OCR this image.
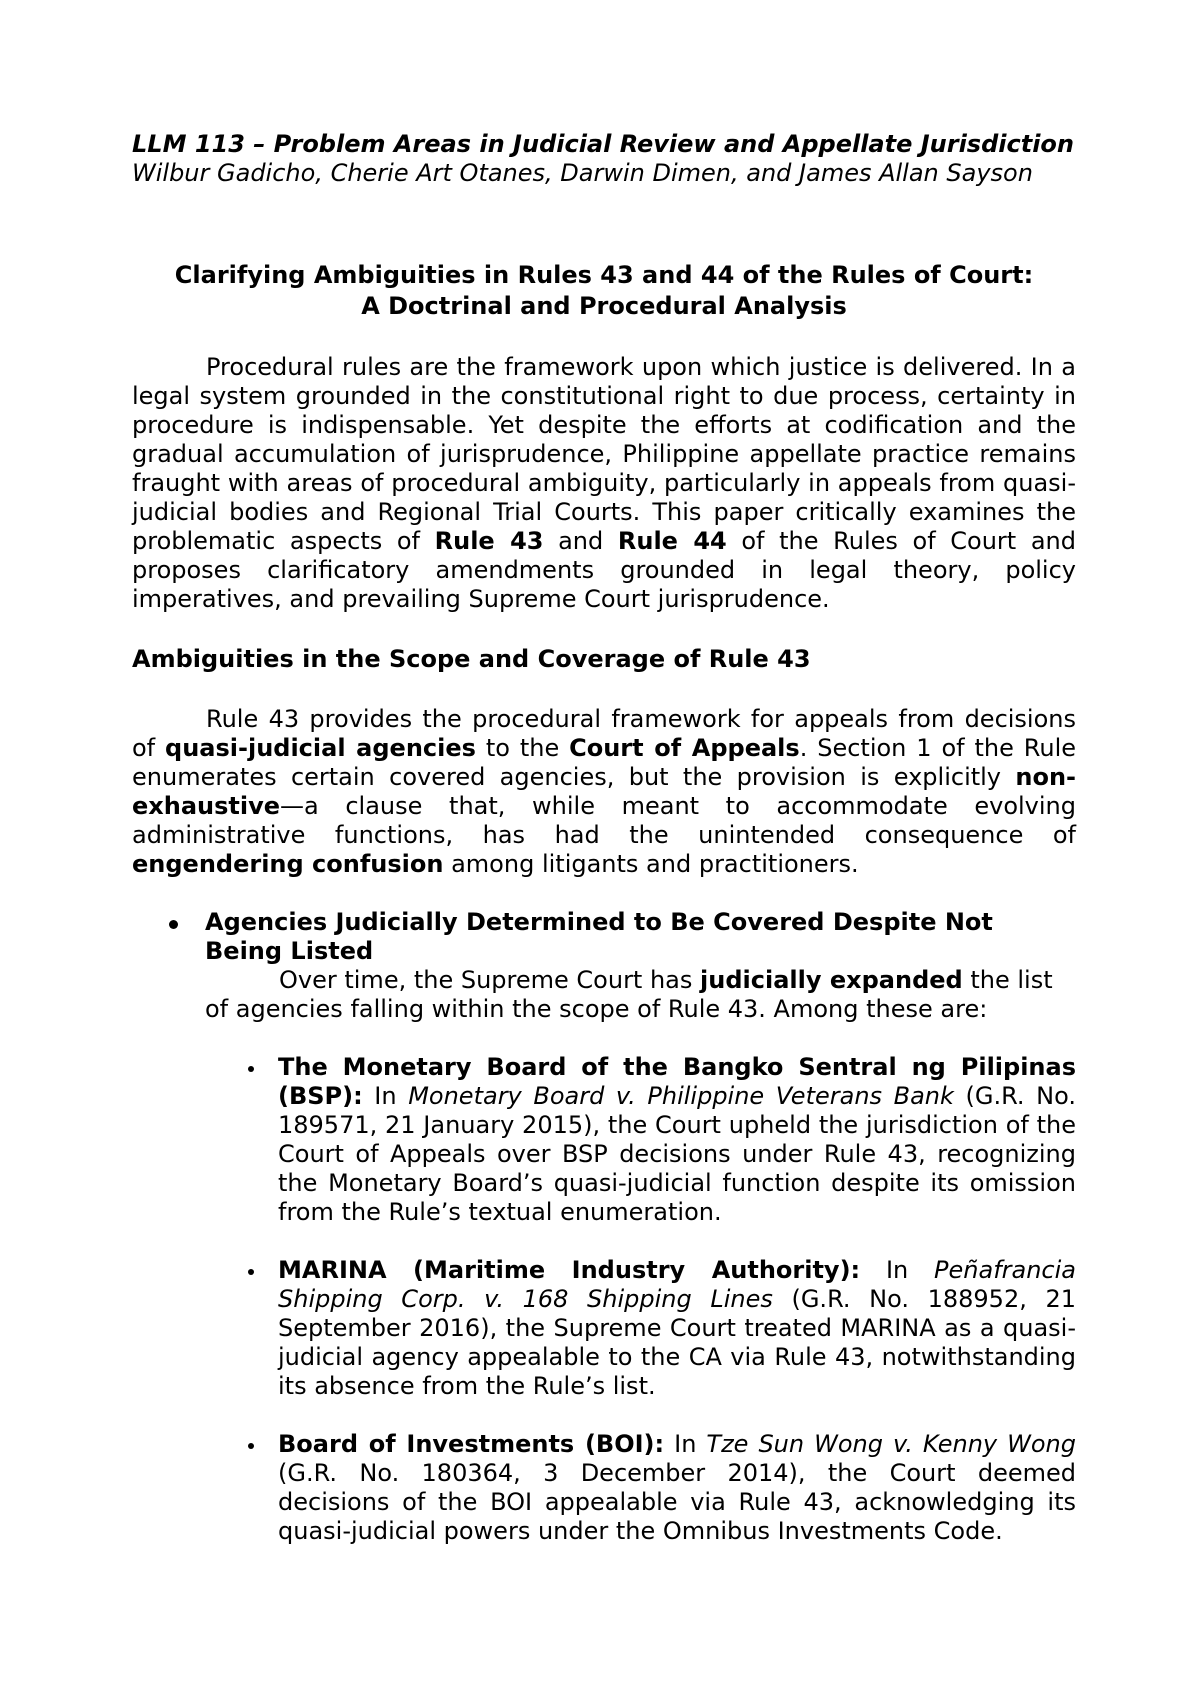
LLM 113 – Problem Areas in Judicial Review and Appellate Jurisdiction

Wilbur Gadicho, Cherie Art Otanes, Darwin Dimen, and James Allan Sayson

Clarifying Ambiguities in Rules 43 and 44 of the Rules of Court:
A Doctrinal and Procedural Analysis

Procedural rules are the framework upon which justice is delivered. In a legal system grounded in the constitutional right to due process, certainty in procedure is indispensable. Yet despite the efforts at codification and the gradual accumulation of jurisprudence, Philippine appellate practice remains fraught with areas of procedural ambiguity, particularly in appeals from quasi-judicial bodies and Regional Trial Courts. This paper critically examines the problematic aspects of Rule 43 and Rule 44 of the Rules of Court and proposes clarificatory amendments grounded in legal theory, policy imperatives, and prevailing Supreme Court jurisprudence.

Ambiguities in the Scope and Coverage of Rule 43

Rule 43 provides the procedural framework for appeals from decisions of quasi-judicial agencies to the Court of Appeals. Section 1 of the Rule enumerates certain covered agencies, but the provision is explicitly non-exhaustive—a clause that, while meant to accommodate evolving administrative functions, has had the unintended consequence of engendering confusion among litigants and practitioners.

Agencies Judicially Determined to Be Covered Despite Not Being Listed
Over time, the Supreme Court has judicially expanded the list of agencies falling within the scope of Rule 43. Among these are:
The Monetary Board of the Bangko Sentral ng Pilipinas (BSP): In Monetary Board v. Philippine Veterans Bank (G.R. No. 189571, 21 January 2015), the Court upheld the jurisdiction of the Court of Appeals over BSP decisions under Rule 43, recognizing the Monetary Board’s quasi-judicial function despite its omission from the Rule’s textual enumeration.
MARINA (Maritime Industry Authority): In Peñafrancia Shipping Corp. v. 168 Shipping Lines (G.R. No. 188952, 21 September 2016), the Supreme Court treated MARINA as a quasi-judicial agency appealable to the CA via Rule 43, notwithstanding its absence from the Rule’s list.
Board of Investments (BOI): In Tze Sun Wong v. Kenny Wong (G.R. No. 180364, 3 December 2014), the Court deemed decisions of the BOI appealable via Rule 43, acknowledging its quasi-judicial powers under the Omnibus Investments Code.
